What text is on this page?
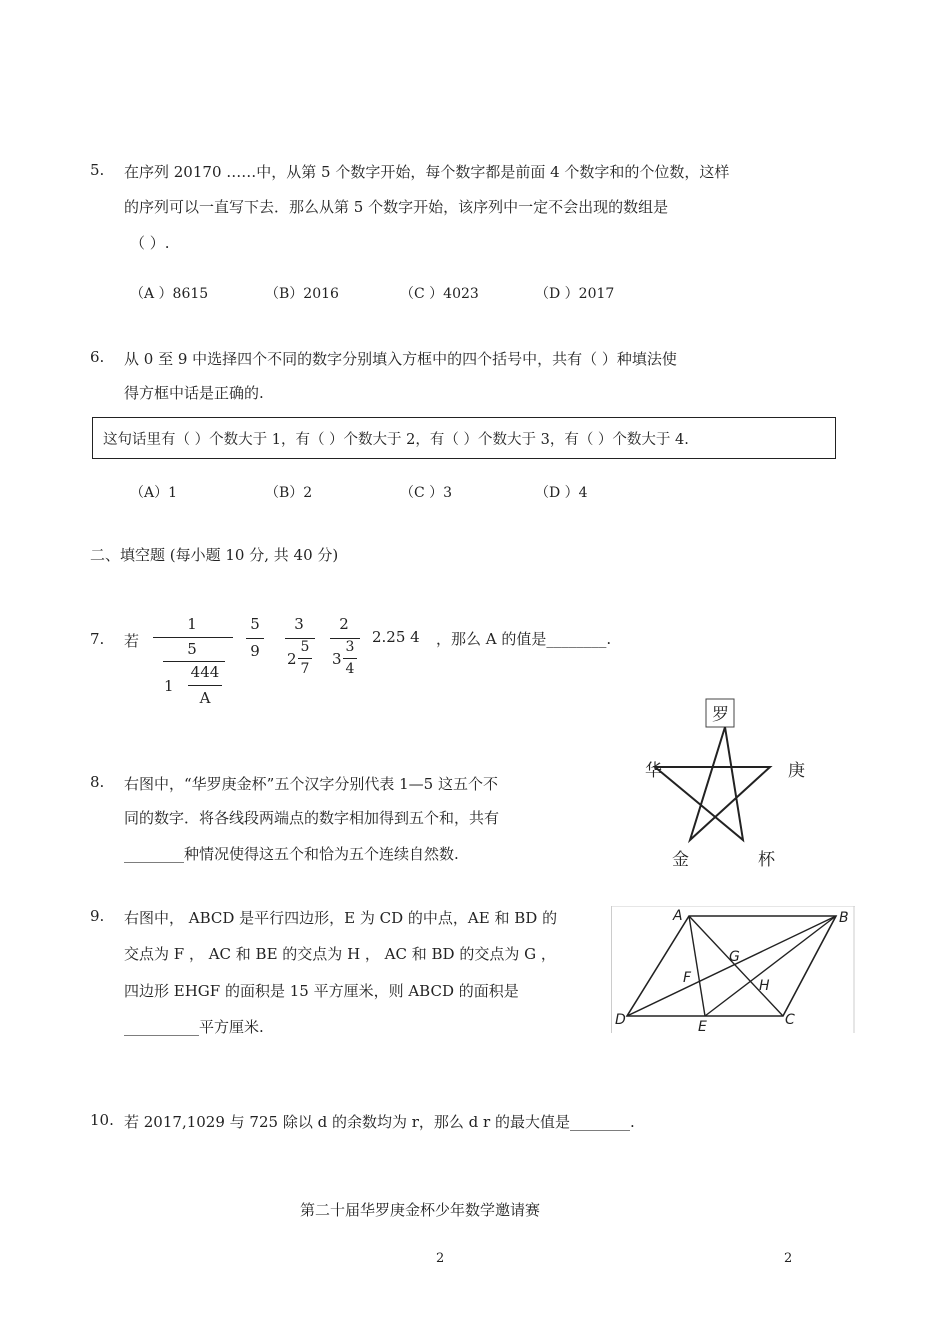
5. 在序列 20170 ……中，从第 5 个数字开始，每个数字都是前面 4 个数字和的个位数，这样
的序列可以一直写下去．那么从第 5 个数字开始，该序列中一定不会出现的数组是
（ ）.
（A ）8615	（B）2016	（C ）4023	（D ）2017
6. 从 0 至 9 中选择四个不同的数字分别填入方框中的四个括号中，共有（ ）种填法使
得方框中话是正确的.
这句话里有（ ）个数大于 1，有（ ）个数大于 2，有（ ）个数大于 3，有（ ）个数大于 4.
（A）1	（B）2	（C ）3	（D ）4
二、填空题 (每小题 10 分, 共 40 分)
7. 若
1
5
1
444
A
5
9
3
2
5
7
2
3
3
4
2.25 4 ，那么 A 的值是________.
8. 右图中，“华罗庚金杯”五个汉字分别代表 1—5 这五个不
同的数字．将各线段两端点的数字相加得到五个和，共有
________种情况使得这五个和恰为五个连续自然数.
罗
华	庚
金	杯
9. 右图中， ABCD 是平行四边形，E 为 CD 的中点，AE 和 BD 的
交点为 F ， AC 和 BE 的交点为 H ， AC 和 BD 的交点为 G ，
四边形 EHGF 的面积是 15 平方厘米，则 ABCD 的面积是
__________平方厘米.
A	B
C
D	E
F
G
H
10. 若 2017,1029 与 725 除以 d 的余数均为 r，那么 d r 的最大值是________.
第二十届华罗庚金杯少年数学邀请赛
2	2
